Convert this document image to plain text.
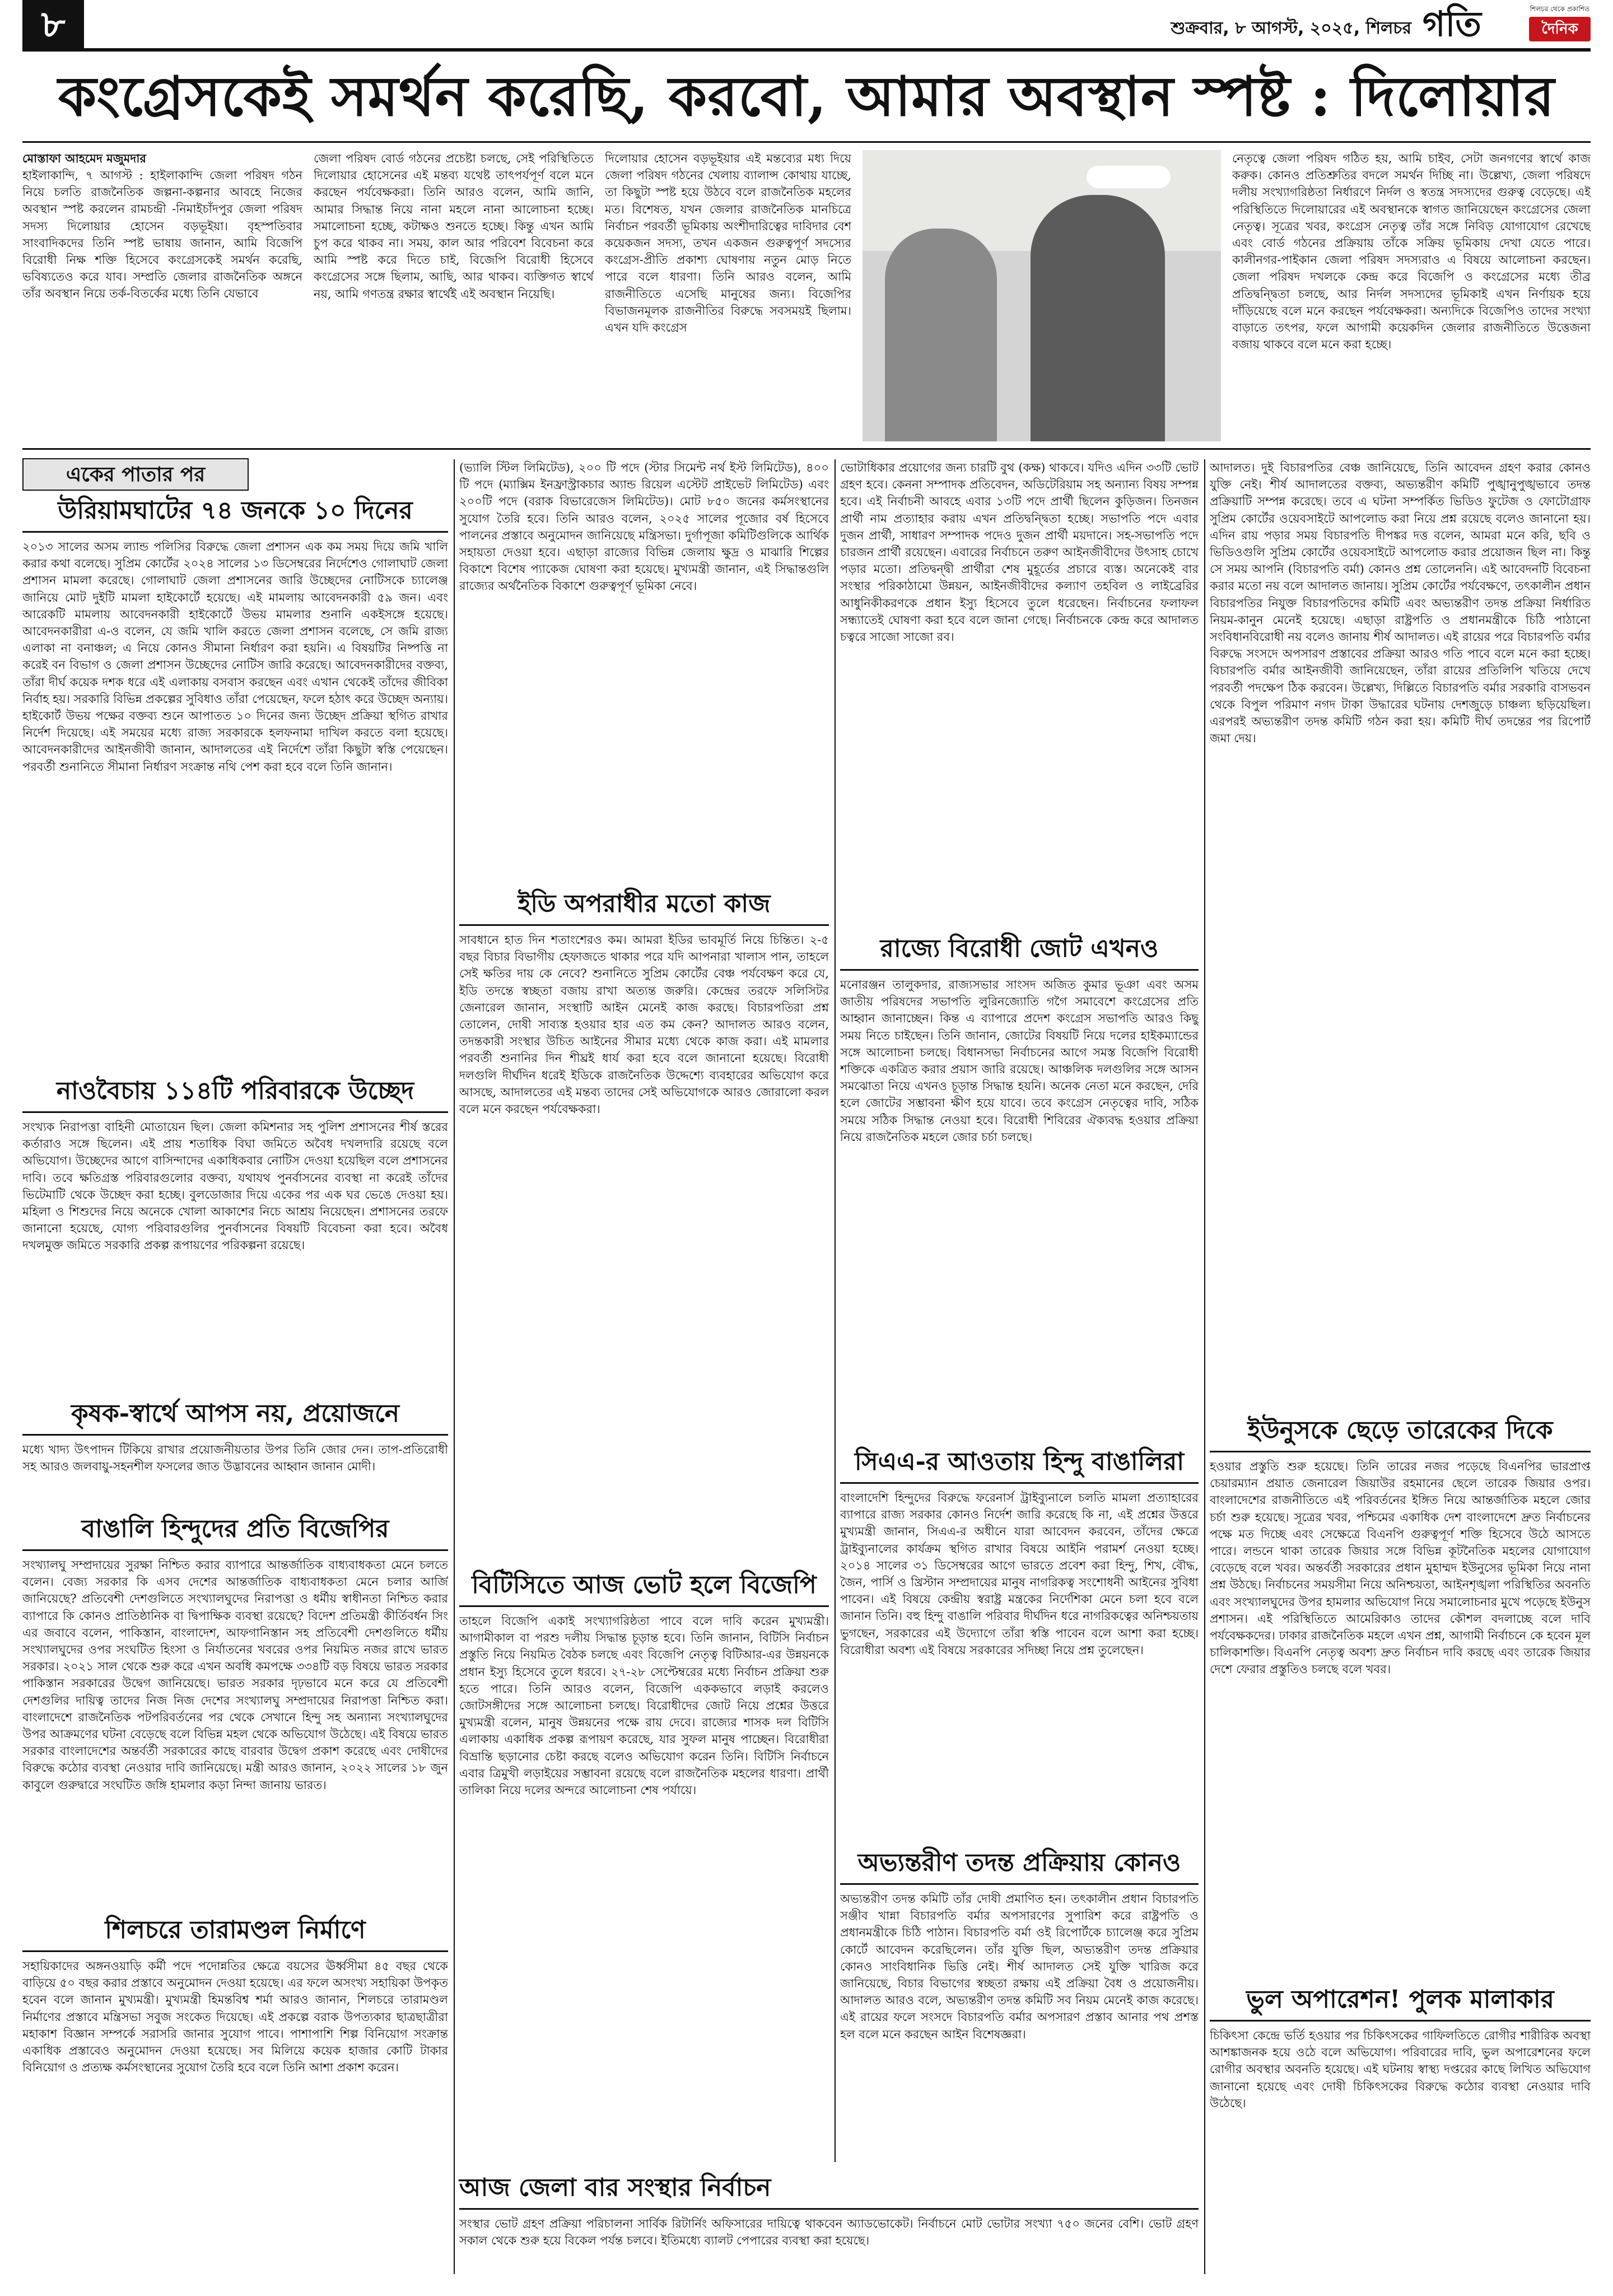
৮	শুক্রবার, ৮ আগস্ট, ২০২৫, শিলচর গতি	শিলচর থেকে প্রকাশিত
দৈনিক
কংগ্রেসকেই সমর্থন করেছি, করবো, আমার অবস্থান স্পষ্ট : দিলোয়ার
মোস্তাফা আহমেদ মজুমদার
হাইলাকান্দি, ৭ আগস্ট : হাইলাকান্দি জেলা পরিষদ গঠন নিয়ে চলতি রাজনৈতিক জল্পনা-কল্পনার আবহে নিজের অবস্থান স্পষ্ট করলেন রামচন্দ্রী -নিমাইচাঁদপুর জেলা পরিষদ সদস্য দিলোয়ার হোসেন বড়ভূইয়া। বৃহস্পতিবার সাংবাদিকদের তিনি স্পষ্ট ভাষায় জানান, আমি বিজেপি বিরোধী নিক্ষ শক্তি হিসেবে কংগ্রেসকেই সমর্থন করেছি, ভবিষ্যতেও করে যাব। সম্প্রতি জেলার রাজনৈতিক অঙ্গনে তাঁর অবস্থান নিয়ে তর্ক-বিতর্কের মধ্যে তিনি যেভাবে
জেলা পরিষদ বোর্ড গঠনের প্রচেষ্টা চলছে, সেই পরিস্থিতিতে দিলোয়ার হোসেনের এই মন্তব্য যথেষ্ট তাৎপর্যপূর্ণ বলে মনে করছেন পর্যবেক্ষকরা। তিনি আরও বলেন, আমি জানি, আমার সিদ্ধান্ত নিয়ে নানা মহলে নানা আলোচনা হচ্ছে। সমালোচনা হচ্ছে, কটাক্ষও শুনতে হচ্ছে। কিন্তু এখন আমি চুপ করে থাকব না। সময়, কাল আর পরিবেশ বিবেচনা করে আমি স্পষ্ট করে দিতে চাই, বিজেপি বিরোধী হিসেবে কংগ্রেসের সঙ্গে ছিলাম, আছি, আর থাকব। ব্যক্তিগত স্বার্থে নয়, আমি গণতন্ত্র রক্ষার স্বার্থেই এই অবস্থান নিয়েছি।
দিলোয়ার হোসেন বড়ভূইয়ার এই মন্তব্যের মধ্য দিয়ে জেলা পরিষদ গঠনের খেলায় ব্যালান্স কোথায় যাচ্ছে, তা কিছুটা স্পষ্ট হয়ে উঠবে বলে রাজনৈতিক মহলের মত। বিশেষত, যখন জেলার রাজনৈতিক মানচিত্রে নির্বাচন পরবর্তী ভূমিকায় অংশীদারিত্বের দাবিদার বেশ কয়েকজন সদস্য, তখন একজন গুরুত্বপূর্ণ সদস্যের কংগ্রেস-প্রীতি প্রকাশ্য ঘোষণায় নতুন মোড় নিতে পারে বলে ধারণা। তিনি আরও বলেন, আমি রাজনীতিতে এসেছি মানুষের জন্য। বিজেপির বিভাজনমূলক রাজনীতির বিরুদ্ধে সবসময়ই ছিলাম। এখন যদি কংগ্রেস
নেতৃত্বে জেলা পরিষদ গঠিত হয়, আমি চাইব, সেটা জনগণের স্বার্থে কাজ করুক। কোনও প্রতিশ্রুতির বদলে সমর্থন দিচ্ছি না। উল্লেখ্য, জেলা পরিষদে দলীয় সংখ্যাগরিষ্ঠতা নির্ধারণে নির্দল ও স্বতন্ত্র সদস্যদের গুরুত্ব বেড়েছে। এই পরিস্থিতিতে দিলোয়ারের এই অবস্থানকে স্বাগত জানিয়েছেন কংগ্রেসের জেলা নেতৃত্ব। সূত্রের খবর, কংগ্রেস নেতৃত্ব তাঁর সঙ্গে নিবিড় যোগাযোগ রেখেছে এবং বোর্ড গঠনের প্রক্রিয়ায় তাঁকে সক্রিয় ভূমিকায় দেখা যেতে পারে। কালীনগর-পাইকান জেলা পরিষদ সদস্যরাও এ বিষয়ে আলোচনা করছেন। জেলা পরিষদ দখলকে কেন্দ্র করে বিজেপি ও কংগ্রেসের মধ্যে তীব্র প্রতিদ্বন্দ্বিতা চলছে, আর নির্দল সদস্যদের ভূমিকাই এখন নির্ণায়ক হয়ে দাঁড়িয়েছে বলে মনে করছেন পর্যবেক্ষকরা। অন্যদিকে বিজেপিও তাদের সংখ্যা বাড়াতে তৎপর, ফলে আগামী কয়েকদিন জেলার রাজনীতিতে উত্তেজনা বজায় থাকবে বলে মনে করা হচ্ছে।
একের পাতার পর
উরিয়ামঘাটের ৭৪ জনকে ১০ দিনের
২০১৩ সালের অসম ল্যান্ড পলিসির বিরুদ্ধে জেলা প্রশাসন এক কম সময় দিয়ে জমি খালি করার কথা বলেছে। সুপ্রিম কোর্টের ২০২৪ সালের ১৩ ডিসেম্বরের নির্দেশেও গোলাঘাট জেলা প্রশাসন মামলা করেছে। গোলাঘাট জেলা প্রশাসনের জারি উচ্ছেদের নোটিসকে চ্যালেঞ্জ জানিয়ে মোট দুইটি মামলা হাইকোর্টে হয়েছে। এই মামলায় আবেদনকারী ৫৯ জন। এবং আরেকটি মামলায় আবেদনকারী হাইকোর্টে উভয় মামলার শুনানি একইসঙ্গে হয়েছে। আবেদনকারীরা এ-ও বলেন, যে জমি খালি করতে জেলা প্রশাসন বলেছে, সে জমি রাজ্য এলাকা না বনাঞ্চল; এ নিয়ে কোনও সীমানা নির্ধারণ করা হয়নি। এ বিষয়টির নিষ্পত্তি না করেই বন বিভাগ ও জেলা প্রশাসন উচ্ছেদের নোটিস জারি করেছে। আবেদনকারীদের বক্তব্য, তাঁরা দীর্ঘ কয়েক দশক ধরে এই এলাকায় বসবাস করছেন এবং এখান থেকেই তাঁদের জীবিকা নির্বাহ হয়। সরকারি বিভিন্ন প্রকল্পের সুবিধাও তাঁরা পেয়েছেন, ফলে হঠাৎ করে উচ্ছেদ অন্যায়। হাইকোর্ট উভয় পক্ষের বক্তব্য শুনে আপাতত ১০ দিনের জন্য উচ্ছেদ প্রক্রিয়া স্থগিত রাখার নির্দেশ দিয়েছে। এই সময়ের মধ্যে রাজ্য সরকারকে হলফনামা দাখিল করতে বলা হয়েছে। আবেদনকারীদের আইনজীবী জানান, আদালতের এই নির্দেশে তাঁরা কিছুটা স্বস্তি পেয়েছেন। পরবর্তী শুনানিতে সীমানা নির্ধারণ সংক্রান্ত নথি পেশ করা হবে বলে তিনি জানান।
নাওবৈচায় ১১৪টি পরিবারকে উচ্ছেদ
সংখ্যক নিরাপত্তা বাহিনী মোতায়েন ছিল। জেলা কমিশনার সহ পুলিশ প্রশাসনের শীর্ষ স্তরের কর্তারাও সঙ্গে ছিলেন। এই প্রায় শতাধিক বিঘা জমিতে অবৈধ দখলদারি রয়েছে বলে অভিযোগ। উচ্ছেদের আগে বাসিন্দাদের একাধিকবার নোটিস দেওয়া হয়েছিল বলে প্রশাসনের দাবি। তবে ক্ষতিগ্রস্ত পরিবারগুলোর বক্তব্য, যথাযথ পুনর্বাসনের ব্যবস্থা না করেই তাঁদের ভিটেমাটি থেকে উচ্ছেদ করা হচ্ছে। বুলডোজার দিয়ে একের পর এক ঘর ভেঙে দেওয়া হয়। মহিলা ও শিশুদের নিয়ে অনেকে খোলা আকাশের নিচে আশ্রয় নিয়েছেন। প্রশাসনের তরফে জানানো হয়েছে, যোগ্য পরিবারগুলির পুনর্বাসনের বিষয়টি বিবেচনা করা হবে। অবৈধ দখলমুক্ত জমিতে সরকারি প্রকল্প রূপায়ণের পরিকল্পনা রয়েছে।
কৃষক-স্বার্থে আপস নয়, প্রয়োজনে
মধ্যে খাদ্য উৎপাদন টিকিয়ে রাখার প্রয়োজনীয়তার উপর তিনি জোর দেন। তাপ-প্রতিরোধী সহ আরও জলবায়ু-সহনশীল ফসলের জাত উদ্ভাবনের আহ্বান জানান মোদী।
বাঙালি হিন্দুদের প্রতি বিজেপির
সংখ্যালঘু সম্প্রদায়ের সুরক্ষা নিশ্চিত করার ব্যাপারে আন্তর্জাতিক বাধ্যবাধকতা মেনে চলতে বলেন। বেজ্য সরকার কি এসব দেশের আন্তর্জাতিক বাধ্যবাধকতা মেনে চলার আর্জি জানিয়েছে? প্রতিবেশী দেশগুলিতে সংখ্যালঘুদের নিরাপত্তা ও ধর্মীয় স্বাধীনতা নিশ্চিত করার ব্যাপারে কি কোনও প্রাতিষ্ঠানিক বা দ্বিপাক্ষিক ব্যবস্থা রয়েছে? বিদেশ প্রতিমন্ত্রী কীর্তিবর্ধন সিং এর জবাবে বলেন, পাকিস্তান, বাংলাদেশ, আফগানিস্তান সহ প্রতিবেশী দেশগুলিতে ধর্মীয় সংখ্যালঘুদের ওপর সংঘটিত হিংসা ও নির্যাতনের খবরের ওপর নিয়মিত নজর রাখে ভারত সরকার। ২০২১ সাল থেকে শুরু করে এখন অবধি কমপক্ষে ৩৩৪টি বড় বিষয়ে ভারত সরকার পাকিস্তান সরকারের উদ্বেগ জানিয়েছে। ভারত সরকার দৃঢ়ভাবে মনে করে যে প্রতিবেশী দেশগুলির দায়িত্ব তাদের নিজ নিজ দেশের সংখ্যালঘু সম্প্রদায়ের নিরাপত্তা নিশ্চিত করা। বাংলাদেশে রাজনৈতিক পটপরিবর্তনের পর থেকে সেখানে হিন্দু সহ অন্যান্য সংখ্যালঘুদের উপর আক্রমণের ঘটনা বেড়েছে বলে বিভিন্ন মহল থেকে অভিযোগ উঠেছে। এই বিষয়ে ভারত সরকার বাংলাদেশের অন্তর্বর্তী সরকারের কাছে বারবার উদ্বেগ প্রকাশ করেছে এবং দোষীদের বিরুদ্ধে কঠোর ব্যবস্থা নেওয়ার দাবি জানিয়েছে। মন্ত্রী আরও জানান, ২০২২ সালের ১৮ জুন কাবুলে গুরুদ্বারে সংঘটিত জঙ্গি হামলার কড়া নিন্দা জানায় ভারত।
শিলচরে তারামণ্ডল নির্মাণে
সহায়িকাদের অঙ্গনওয়াড়ি কর্মী পদে পদোন্নতির ক্ষেত্রে বয়সের ঊর্ধ্বসীমা ৪৫ বছর থেকে বাড়িয়ে ৫০ বছর করার প্রস্তাবে অনুমোদন দেওয়া হয়েছে। এর ফলে অসংখ্য সহায়িকা উপকৃত হবেন বলে জানান মুখ্যমন্ত্রী। মুখ্যমন্ত্রী হিমন্তবিশ্ব শর্মা আরও জানান, শিলচরে তারামণ্ডল নির্মাণের প্রস্তাবে মন্ত্রিসভা সবুজ সংকেত দিয়েছে। এই প্রকল্পে বরাক উপত্যকার ছাত্রছাত্রীরা মহাকাশ বিজ্ঞান সম্পর্কে সরাসরি জানার সুযোগ পাবে। পাশাপাশি শিল্প বিনিয়োগ সংক্রান্ত একাধিক প্রস্তাবেও অনুমোদন দেওয়া হয়েছে। সব মিলিয়ে কয়েক হাজার কোটি টাকার বিনিয়োগ ও প্রত্যক্ষ কর্মসংস্থানের সুযোগ তৈরি হবে বলে তিনি আশা প্রকাশ করেন।
(ভ্যালি স্টিল লিমিটেড), ২০০ টি পদে (স্টার সিমেন্ট নর্থ ইস্ট লিমিটেড), ৪০০ টি পদে (ম্যাক্সিম ইনফ্রাস্ট্রাকচার অ্যান্ড রিয়েল এস্টেট প্রাইভেট লিমিটেড) এবং ২০০টি পদে (বরাক বিভারেজেস লিমিটেড)। মোট ৮৫০ জনের কর্মসংস্থানের সুযোগ তৈরি হবে। তিনি আরও বলেন, ২০২৫ সালের পূজোর বর্ষ হিসেবে পালনের প্রস্তাবে অনুমোদন জানিয়েছে মন্ত্রিসভা। দুর্গাপূজা কমিটিগুলিকে আর্থিক সহায়তা দেওয়া হবে। এছাড়া রাজ্যের বিভিন্ন জেলায় ক্ষুদ্র ও মাঝারি শিল্পের বিকাশে বিশেষ প্যাকেজ ঘোষণা করা হয়েছে। মুখ্যমন্ত্রী জানান, এই সিদ্ধান্তগুলি রাজ্যের অর্থনৈতিক বিকাশে গুরুত্বপূর্ণ ভূমিকা নেবে।
ইডি অপরাধীর মতো কাজ
সাবধানে হাত দিন শতাংশেরও কম। আমরা ইডির ভাবমূর্তি নিয়ে চিন্তিত। ২-৫ বছর বিচার বিভাগীয় হেফাজতে থাকার পরে যদি আপনারা খালাস পান, তাহলে সেই ক্ষতির দায় কে নেবে? শুনানিতে সুপ্রিম কোর্টের বেঞ্চ পর্যবেক্ষণ করে যে, ইডি তদন্তে স্বচ্ছতা বজায় রাখা অত্যন্ত জরুরি। কেন্দ্রের তরফে সলিসিটর জেনারেল জানান, সংস্থাটি আইন মেনেই কাজ করছে। বিচারপতিরা প্রশ্ন তোলেন, দোষী সাব্যস্ত হওয়ার হার এত কম কেন? আদালত আরও বলেন, তদন্তকারী সংস্থার উচিত আইনের সীমার মধ্যে থেকে কাজ করা। এই মামলার পরবর্তী শুনানির দিন শীঘ্রই ধার্য করা হবে বলে জানানো হয়েছে। বিরোধী দলগুলি দীর্ঘদিন ধরেই ইডিকে রাজনৈতিক উদ্দেশ্যে ব্যবহারের অভিযোগ করে আসছে, আদালতের এই মন্তব্য তাদের সেই অভিযোগকে আরও জোরালো করল বলে মনে করছেন পর্যবেক্ষকরা।
বিটিসিতে আজ ভোট হলে বিজেপি
তাহলে বিজেপি একাই সংখ্যাগরিষ্ঠতা পাবে বলে দাবি করেন মুখ্যমন্ত্রী। আগামীকাল বা পরশু দলীয় সিদ্ধান্ত চূড়ান্ত হবে। তিনি জানান, বিটিসি নির্বাচন প্রস্তুতি নিয়ে নিয়মিত বৈঠক চলছে এবং বিজেপি নেতৃত্ব বিটিআর-এর উন্নয়নকে প্রধান ইস্যু হিসেবে তুলে ধরবে। ২৭-২৮ সেপ্টেম্বরের মধ্যে নির্বাচন প্রক্রিয়া শুরু হতে পারে। তিনি আরও বলেন, বিজেপি এককভাবে লড়াই করলেও জোটসঙ্গীদের সঙ্গে আলোচনা চলছে। বিরোধীদের জোট নিয়ে প্রশ্নের উত্তরে মুখ্যমন্ত্রী বলেন, মানুষ উন্নয়নের পক্ষে রায় দেবে। রাজ্যের শাসক দল বিটিসি এলাকায় একাধিক প্রকল্প রূপায়ণ করেছে, যার সুফল মানুষ পাচ্ছেন। বিরোধীরা বিভ্রান্তি ছড়ানোর চেষ্টা করছে বলেও অভিযোগ করেন তিনি। বিটিসি নির্বাচনে এবার ত্রিমুখী লড়াইয়ের সম্ভাবনা রয়েছে বলে রাজনৈতিক মহলের ধারণা। প্রার্থী তালিকা নিয়ে দলের অন্দরে আলোচনা শেষ পর্যায়ে।
আজ জেলা বার সংস্থার নির্বাচন
সংস্থার ভোট গ্রহণ প্রক্রিয়া পরিচালনা সার্বিক রিটার্নিং অফিসারের দায়িত্বে থাকবেন অ্যাডভোকেট। নির্বাচনে মোট ভোটার সংখ্যা ৭৫০ জনের বেশি। ভোট গ্রহণ সকাল থেকে শুরু হয়ে বিকেল পর্যন্ত চলবে। ইতিমধ্যে ব্যালট পেপারের ব্যবস্থা করা হয়েছে।
ভোটাধিকার প্রয়োগের জন্য চারটি বুথ (কক্ষ) থাকবে। যদিও এদিন ৩৩টি ভোট গ্রহণ হবে। কেননা সম্পাদক প্রতিবেদন, অডিটেরিয়াম সহ অন্যান্য বিষয় সম্পন্ন হবে। এই নির্বাচনী আবহে এবার ১৩টি পদে প্রার্থী ছিলেন কুড়িজন। তিনজন প্রার্থী নাম প্রত্যাহার করায় এখন প্রতিদ্বন্দ্বিতা হচ্ছে। সভাপতি পদে এবার দুজন প্রার্থী, সাধারণ সম্পাদক পদেও দুজন প্রার্থী ময়দানে। সহ-সভাপতি পদে চারজন প্রার্থী রয়েছেন। এবারের নির্বাচনে তরুণ আইনজীবীদের উৎসাহ চোখে পড়ার মতো। প্রতিদ্বন্দ্বী প্রার্থীরা শেষ মুহূর্তের প্রচারে ব্যস্ত। অনেকেই বার সংস্থার পরিকাঠামো উন্নয়ন, আইনজীবীদের কল্যাণ তহবিল ও লাইব্রেরির আধুনিকীকরণকে প্রধান ইস্যু হিসেবে তুলে ধরেছেন। নির্বাচনের ফলাফল সন্ধ্যাতেই ঘোষণা করা হবে বলে জানা গেছে। নির্বাচনকে কেন্দ্র করে আদালত চত্বরে সাজো সাজো রব।
রাজ্যে বিরোধী জোট এখনও
মনোরঞ্জন তালুকদার, রাজ্যসভার সাংসদ অজিত কুমার ভূঞা এবং অসম জাতীয় পরিষদের সভাপতি লুরিনজ্যোতি গগৈ সমাবেশে কংগ্রেসের প্রতি আহ্বান জানাচ্ছেন। কিন্ত এ ব্যাপারে প্রদেশ কংগ্রেস সভাপতি আরও কিছু সময় নিতে চাইছেন। তিনি জানান, জোটের বিষয়টি নিয়ে দলের হাইকম্যান্ডের সঙ্গে আলোচনা চলছে। বিধানসভা নির্বাচনের আগে সমস্ত বিজেপি বিরোধী শক্তিকে একত্রিত করার প্রয়াস জারি রয়েছে। আঞ্চলিক দলগুলির সঙ্গে আসন সমঝোতা নিয়ে এখনও চূড়ান্ত সিদ্ধান্ত হয়নি। অনেক নেতা মনে করছেন, দেরি হলে জোটের সম্ভাবনা ক্ষীণ হয়ে যাবে। তবে কংগ্রেস নেতৃত্বের দাবি, সঠিক সময়ে সঠিক সিদ্ধান্ত নেওয়া হবে। বিরোধী শিবিরের ঐক্যবদ্ধ হওয়ার প্রক্রিয়া নিয়ে রাজনৈতিক মহলে জোর চর্চা চলছে।
সিএএ-র আওতায় হিন্দু বাঙালিরা
বাংলাদেশি হিন্দুদের বিরুদ্ধে ফরেনার্স ট্রাইব্যুনালে চলতি মামলা প্রত্যাহারের ব্যাপারে রাজ্য সরকার কোনও নির্দেশ জারি করেছে কি না, এই প্রশ্নের উত্তরে মুখ্যমন্ত্রী জানান, সিএএ-র অধীনে যারা আবেদন করবেন, তাঁদের ক্ষেত্রে ট্রাইব্যুনালের কার্যক্রম স্থগিত রাখার বিষয়ে আইনি পরামর্শ নেওয়া হচ্ছে। ২০১৪ সালের ৩১ ডিসেম্বরের আগে ভারতে প্রবেশ করা হিন্দু, শিখ, বৌদ্ধ, জৈন, পার্সি ও খ্রিস্টান সম্প্রদায়ের মানুষ নাগরিকত্ব সংশোধনী আইনের সুবিধা পাবেন। এই বিষয়ে কেন্দ্রীয় স্বরাষ্ট্র মন্ত্রকের নির্দেশিকা মেনে চলা হবে বলে জানান তিনি। বহু হিন্দু বাঙালি পরিবার দীর্ঘদিন ধরে নাগরিকত্বের অনিশ্চয়তায় ভুগছেন, সরকারের এই উদ্যোগে তাঁরা স্বস্তি পাবেন বলে আশা করা হচ্ছে। বিরোধীরা অবশ্য এই বিষয়ে সরকারের সদিচ্ছা নিয়ে প্রশ্ন তুলেছেন।
অভ্যন্তরীণ তদন্ত প্রক্রিয়ায় কোনও
অভ্যন্তরীণ তদন্ত কমিটি তাঁর দোষী প্রমাণিত হন। তৎকালীন প্রধান বিচারপতি সঞ্জীব খান্না বিচারপতি বর্মার অপসারণের সুপারিশ করে রাষ্ট্রপতি ও প্রধানমন্ত্রীকে চিঠি পাঠান। বিচারপতি বর্মা ওই রিপোর্টকে চ্যালেঞ্জ করে সুপ্রিম কোর্টে আবেদন করেছিলেন। তাঁর যুক্তি ছিল, অভ্যন্তরীণ তদন্ত প্রক্রিয়ার কোনও সাংবিধানিক ভিত্তি নেই। শীর্ষ আদালত সেই যুক্তি খারিজ করে জানিয়েছে, বিচার বিভাগের স্বচ্ছতা রক্ষায় এই প্রক্রিয়া বৈধ ও প্রয়োজনীয়। আদালত আরও বলে, অভ্যন্তরীণ তদন্ত কমিটি সব নিয়ম মেনেই কাজ করেছে। এই রায়ের ফলে সংসদে বিচারপতি বর্মার অপসারণ প্রস্তাব আনার পথ প্রশস্ত হল বলে মনে করছেন আইন বিশেষজ্ঞরা।
আদালত। দুই বিচারপতির বেঞ্চ জানিয়েছে, তিনি আবেদন গ্রহণ করার কোনও যুক্তি নেই। শীর্ষ আদালতের বক্তব্য, অভ্যন্তরীণ কমিটি পুঙ্খানুপুঙ্খভাবে তদন্ত প্রক্রিয়াটি সম্পন্ন করেছে। তবে এ ঘটনা সম্পর্কিত ভিডিও ফুটেজ ও ফোটোগ্রাফ সুপ্রিম কোর্টের ওয়েবসাইটে আপলোড করা নিয়ে প্রশ্ন রয়েছে বলেও জানানো হয়। এদিন রায় পড়ার সময় বিচারপতি দীপঙ্কর দত্ত বলেন, আমরা মনে করি, ছবি ও ভিডিওগুলি সুপ্রিম কোর্টের ওয়েবসাইটে আপলোড করার প্রয়োজন ছিল না। কিন্তু সে সময় আপনি (বিচারপতি বর্মা) কোনও প্রশ্ন তোলেননি। এই আবেদনটি বিবেচনা করার মতো নয় বলে আদালত জানায়। সুপ্রিম কোর্টের পর্যবেক্ষণে, তৎকালীন প্রধান বিচারপতির নিযুক্ত বিচারপতিদের কমিটি এবং অভ্যন্তরীণ তদন্ত প্রক্রিয়া নির্ধারিত নিয়ম-কানুন মেনেই হয়েছে। এছাড়া রাষ্ট্রপতি ও প্রধানমন্ত্রীকে চিঠি পাঠানো সংবিধানবিরোধী নয় বলেও জানায় শীর্ষ আদালত। এই রায়ের পরে বিচারপতি বর্মার বিরুদ্ধে সংসদে অপসারণ প্রস্তাবের প্রক্রিয়া আরও গতি পাবে বলে মনে করা হচ্ছে। বিচারপতি বর্মার আইনজীবী জানিয়েছেন, তাঁরা রায়ের প্রতিলিপি খতিয়ে দেখে পরবর্তী পদক্ষেপ ঠিক করবেন। উল্লেখ্য, দিল্লিতে বিচারপতি বর্মার সরকারি বাসভবন থেকে বিপুল পরিমাণ নগদ টাকা উদ্ধারের ঘটনায় দেশজুড়ে চাঞ্চল্য ছড়িয়েছিল। এরপরই অভ্যন্তরীণ তদন্ত কমিটি গঠন করা হয়। কমিটি দীর্ঘ তদন্তের পর রিপোর্ট জমা দেয়।
ইউনুসকে ছেড়ে তারেকের দিকে
হওয়ার প্রস্তুতি শুরু হয়েছে। তিনি তারের নজর পড়েছে বিএনপির ভারপ্রাপ্ত চেয়ারম্যান প্রয়াত জেনারেল জিয়াউর রহমানের ছেলে তারেক জিয়ার ওপর। বাংলাদেশের রাজনীতিতে এই পরিবর্তনের ইঙ্গিত নিয়ে আন্তর্জাতিক মহলে জোর চর্চা শুরু হয়েছে। সূত্রের খবর, পশ্চিমের একাধিক দেশ বাংলাদেশে দ্রুত নির্বাচনের পক্ষে মত দিচ্ছে এবং সেক্ষেত্রে বিএনপি গুরুত্বপূর্ণ শক্তি হিসেবে উঠে আসতে পারে। লন্ডনে থাকা তারেক জিয়ার সঙ্গে বিভিন্ন কূটনৈতিক মহলের যোগাযোগ বেড়েছে বলে খবর। অন্তর্বর্তী সরকারের প্রধান মুহাম্মদ ইউনুসের ভূমিকা নিয়ে নানা প্রশ্ন উঠছে। নির্বাচনের সময়সীমা নিয়ে অনিশ্চয়তা, আইনশৃঙ্খলা পরিস্থিতির অবনতি এবং সংখ্যালঘুদের উপর হামলার অভিযোগ নিয়ে সমালোচনার মুখে পড়েছে ইউনুস প্রশাসন। এই পরিস্থিতিতে আমেরিকাও তাদের কৌশল বদলাচ্ছে বলে দাবি পর্যবেক্ষকদের। ঢাকার রাজনৈতিক মহলে এখন প্রশ্ন, আগামী নির্বাচনে কে হবেন মূল চালিকাশক্তি। বিএনপি নেতৃত্ব অবশ্য দ্রুত নির্বাচন দাবি করছে এবং তারেক জিয়ার দেশে ফেরার প্রস্তুতিও চলছে বলে খবর।
ভুল অপারেশন! পুলক মালাকার
চিকিৎসা কেন্দ্রে ভর্তি হওয়ার পর চিকিৎসকের গাফিলতিতে রোগীর শারীরিক অবস্থা আশঙ্কাজনক হয়ে ওঠে বলে অভিযোগ। পরিবারের দাবি, ভুল অপারেশনের ফলে রোগীর অবস্থার অবনতি হয়েছে। এই ঘটনায় স্বাস্থ্য দপ্তরের কাছে লিখিত অভিযোগ জানানো হয়েছে এবং দোষী চিকিৎসকের বিরুদ্ধে কঠোর ব্যবস্থা নেওয়ার দাবি উঠেছে।
